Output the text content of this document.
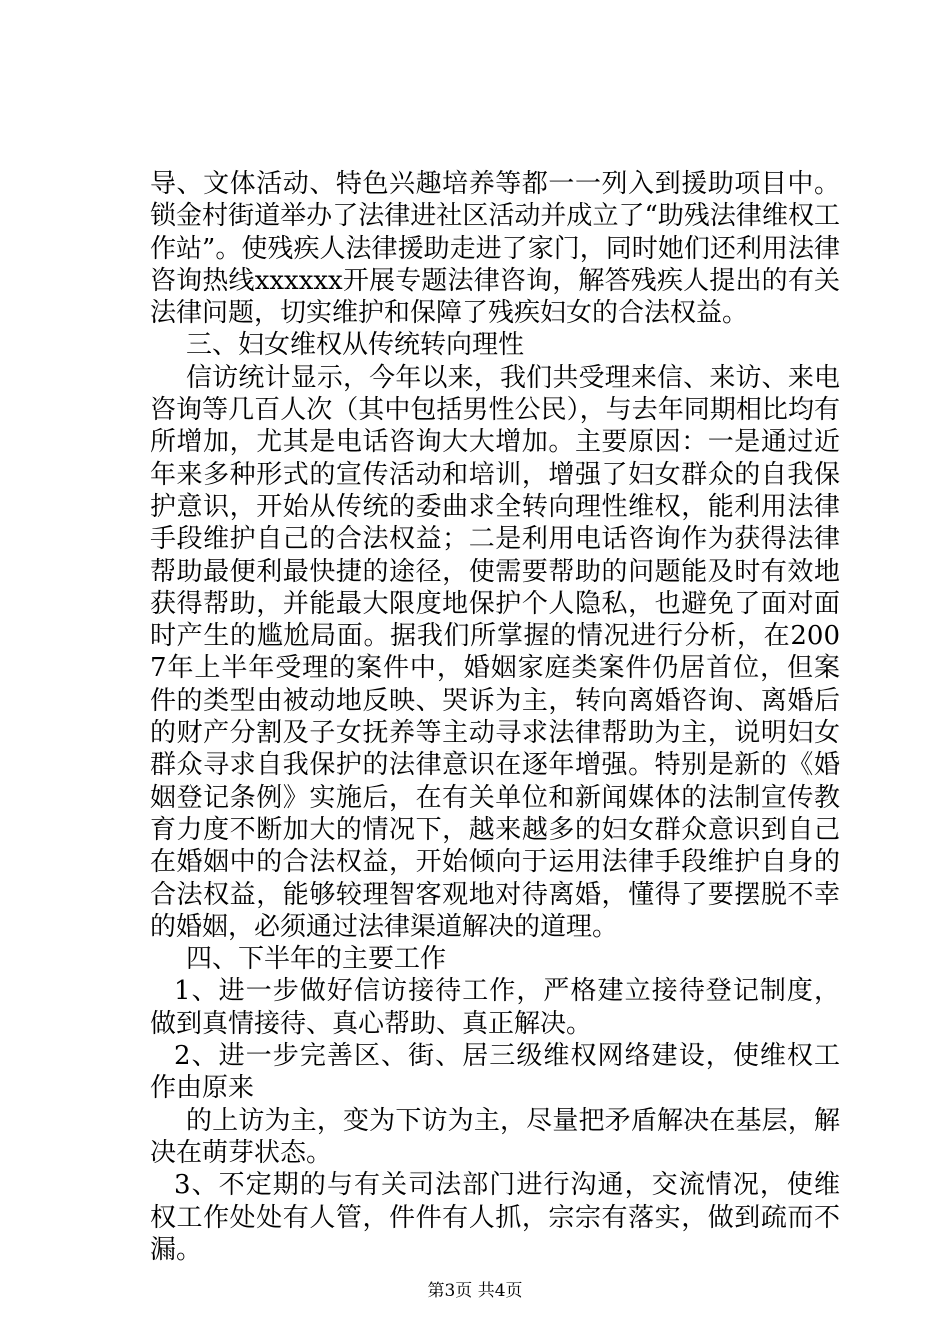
导、文体活动、特色兴趣培养等都一一列入到援助项目中。锁金村街道举办了法律进社区活动并成立了“助残法律维权工作站”。使残疾人法律援助走进了家门，同时她们还利用法律咨询热线xxxxxx开展专题法律咨询，解答残疾人提出的有关法律问题，切实维护和保障了残疾妇女的合法权益。

三、妇女维权从传统转向理性

信访统计显示，今年以来，我们共受理来信、来访、来电咨询等几百人次（其中包括男性公民），与去年同期相比均有所增加，尤其是电话咨询大大增加。主要原因：一是通过近年来多种形式的宣传活动和培训，增强了妇女群众的自我保护意识，开始从传统的委曲求全转向理性维权，能利用法律手段维护自己的合法权益；二是利用电话咨询作为获得法律帮助最便利最快捷的途径，使需要帮助的问题能及时有效地获得帮助，并能最大限度地保护个人隐私，也避免了面对面时产生的尴尬局面。据我们所掌握的情况进行分析，在2007年上半年受理的案件中，婚姻家庭类案件仍居首位，但案件的类型由被动地反映、哭诉为主，转向离婚咨询、离婚后的财产分割及子女抚养等主动寻求法律帮助为主，说明妇女群众寻求自我保护的法律意识在逐年增强。特别是新的《婚姻登记条例》实施后，在有关单位和新闻媒体的法制宣传教育力度不断加大的情况下，越来越多的妇女群众意识到自己在婚姻中的合法权益，开始倾向于运用法律手段维护自身的合法权益，能够较理智客观地对待离婚，懂得了要摆脱不幸的婚姻，必须通过法律渠道解决的道理。

四、下半年的主要工作

1、进一步做好信访接待工作，严格建立接待登记制度，做到真情接待、真心帮助、真正解决。

2、进一步完善区、街、居三级维权网络建设，使维权工作由原来

的上访为主，变为下访为主，尽量把矛盾解决在基层，解决在萌芽状态。

3、不定期的与有关司法部门进行沟通，交流情况，使维权工作处处有人管，件件有人抓，宗宗有落实，做到疏而不漏。

第3页 共4页
